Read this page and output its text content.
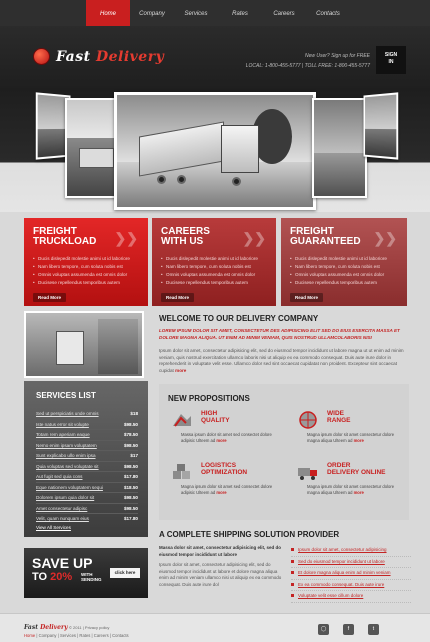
Home	Company	Services	Rates	Careers	Contacts
Fast Delivery	New User? Sign up for FREE
LOCAL: 1-800-455-5777 | TOLL FREE: 1-800-455-5777
SIGN
IN
FREIGHT
TRUCKLOAD ❯❯
• Ducis dislepedit molestie animi ut id laboriore
• Nam libero tempore, cum soluta nobis est
• Omnis voluptas assumenda est omnis dolor
• Ducisese repellendus temporibus autem
Read More
CAREERS
WITH US	❯❯
• Ducis dislepedit molestie animi ut id laboriore
• Nam libero tempore, cum soluta nobis est
• Omnis voluptas assumenda est omnis dolor
• Ducisese repellendus temporibus autem
Read More
FREIGHT
GUARANTEED ❯❯
• Ducis dislepedit molestie animi ut id laboriore
• Nam libero tempore, cum soluta nobis est
• Omnis voluptas assumenda est omnis dolor
• Ducisese repellendus temporibus autem
Read More
WELCOME TO OUR DELIVERY COMPANY
LOREM IPSUM DOLOR SIT AMET, CONSECTETUR DES ADIPISICING ELIT SED DO EIUS EXERCITA MASSA ET DOLORE MAGNA ALIQUA. UT ENIM AD MINIM VENIAM, QUIS NOSTRUD ULLAMCOLABORIS NISI
Ipsum dolor sit amet, consectetur adipisicing elit, sed do eiusmod tempor incididunt ut labore magna ut ut enim ad minim veniam, quis nostrud exercitation ullamco laboris nisi ut aliquip ex ea commodo consequat. Duis aute irure dolor in reprehenderit in voluptate velit esse. Ullamco dolor sed sint occaecat cupidatat non proident. Excepteur sint occaecat cupidat more
SERVICES LIST
Sed ut perspiciatis unde omnis	$18
Iste natus error sit volupte	$98.50
Totam rem aperiam eaque	$78.50
Nemo enim ipsam voluptatem	$98.50
Sunt explicabo ullo enim ipsa	$17
Quia voluptas sed voluptate sit	$98.50
Aut fugit sed quia cons	$17.80
Eque nationem voluptatem sequi	$18.50
Dolorem ipsum quia dolor sit	$98.50
Amet consectetur adipisc	$98.50
Velit, quam nunquam eius	$17.80
View All Services
NEW PROPOSITIONS
HIGH
QUALITY
Massa ipsum dolor sit amet sed consectet dolore adipisic Ulteem ad more
WIDE
RANGE
Magna ipsum dolor sit amet consectetur dolore magna aliqua Ulteem ad more
LOGISTICS
OPTIMIZATION
Magna ipsum dolor sit amet sed consectet dolore adipisic Ulteem ad more
ORDER
DELIVERY ONLINE
Magna ipsum dolor sit amet consectetur dolore magna aliqua Ulteem ad more
A COMPLETE SHIPPING SOLUTION PROVIDER
Massa dolor sit amet, consectetur adipisicing elit, sed do eiusmod tempor incididunt ut labore
Ipsum dolor sit amet, consectetur adipisicing elit, sed do eiusmod tempor incididunt ut labore et dolore magna aliqua enim ad minim veniam ullamco nisi ut aliquip ex ea commodo consequat. Duis aute irure dol
Ipsum dolor sit amet, consectetur adipisicing
Sed do eiusmod tempor incididunt ut labore
Et dolore magna aliqua enim ad minim veniam
Ex ea commodo consequat. Duis aute irure
Voluptate velit esse cillum dolore
SAVE UP
TO 20% WITH
SENDING
click here
Fast Delivery © 2011 | Privacy policy
Home | Company | Services | Rates | Careers | Contacts
◯	f	t
